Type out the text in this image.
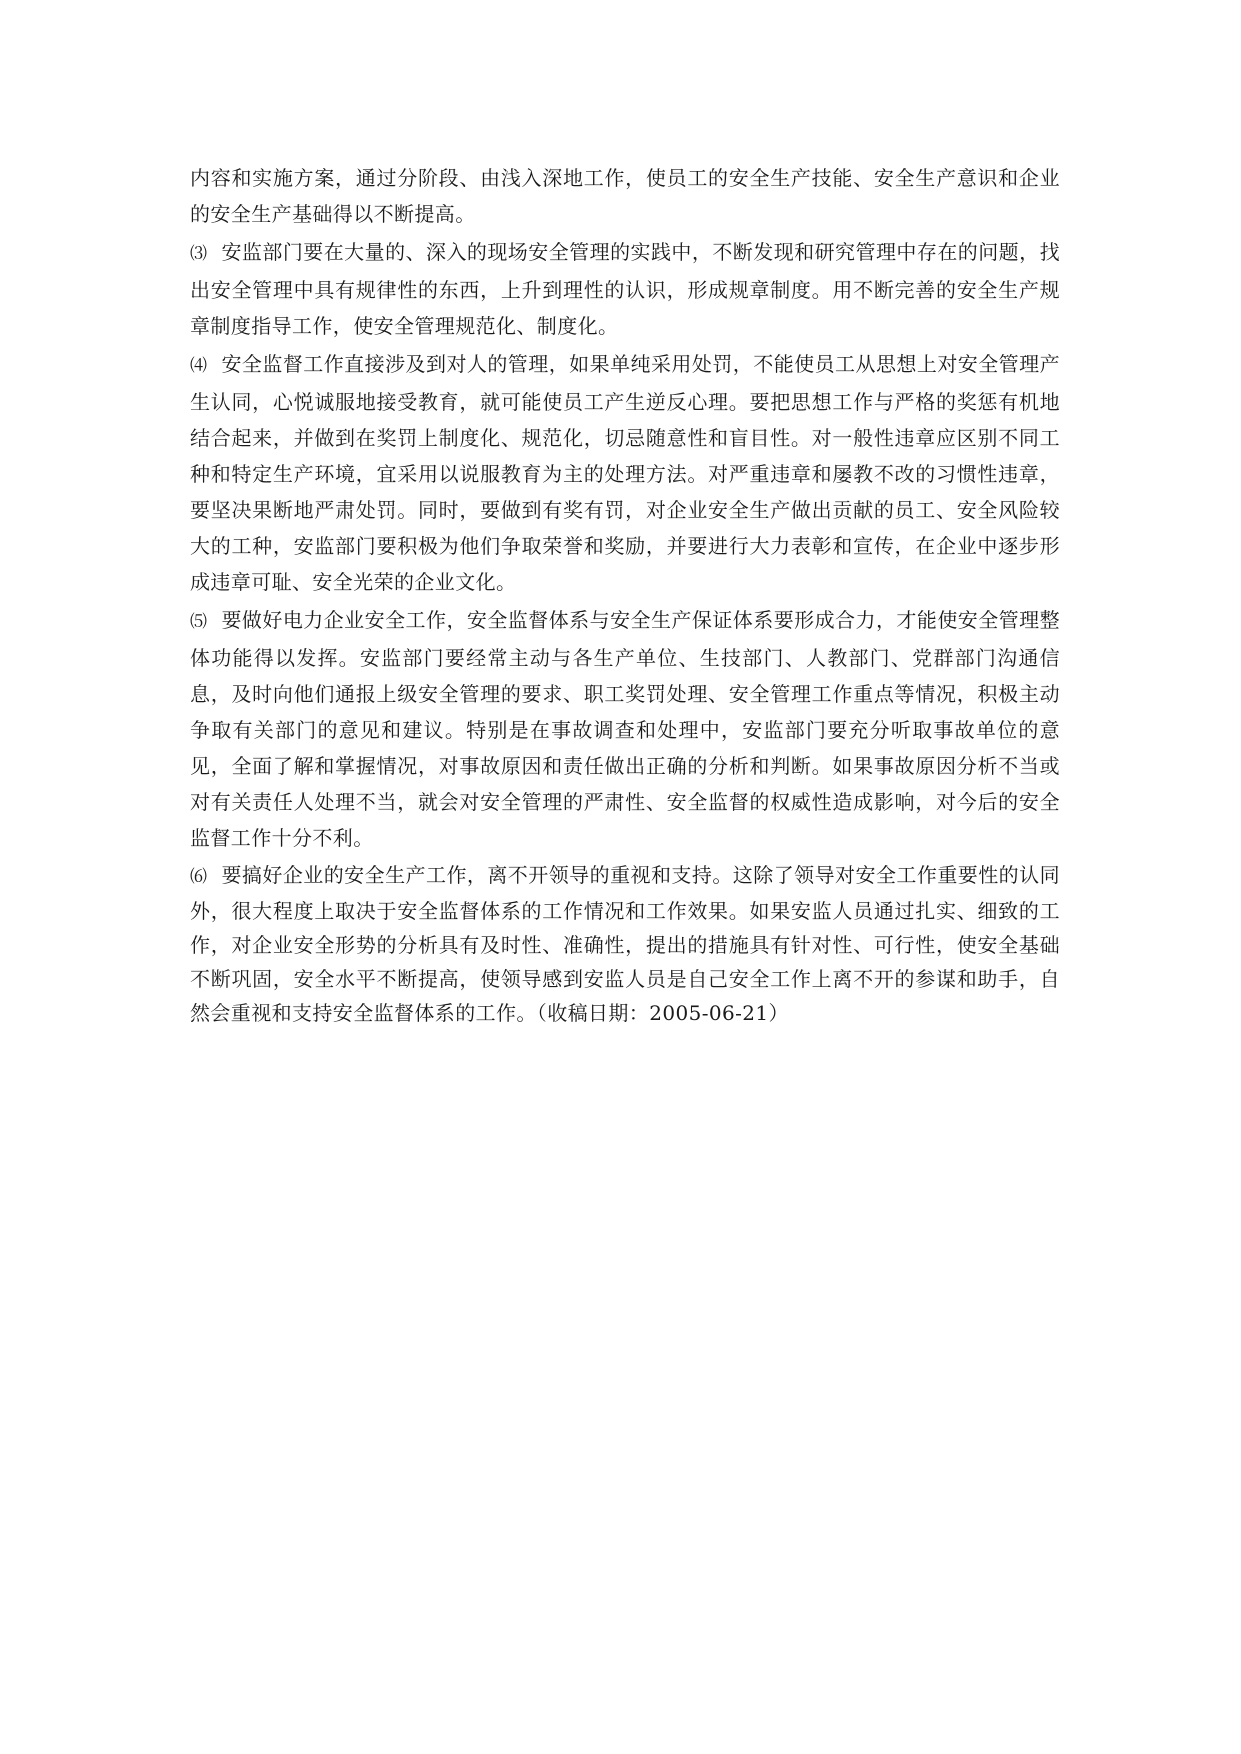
内容和实施方案，通过分阶段、由浅入深地工作，使员工的安全生产技能、安全生产意识和企业的安全生产基础得以不断提高。

⑶ 安监部门要在大量的、深入的现场安全管理的实践中，不断发现和研究管理中存在的问题，找出安全管理中具有规律性的东西，上升到理性的认识，形成规章制度。用不断完善的安全生产规章制度指导工作，使安全管理规范化、制度化。

⑷ 安全监督工作直接涉及到对人的管理，如果单纯采用处罚，不能使员工从思想上对安全管理产生认同，心悦诚服地接受教育，就可能使员工产生逆反心理。要把思想工作与严格的奖惩有机地结合起来，并做到在奖罚上制度化、规范化，切忌随意性和盲目性。对一般性违章应区别不同工种和特定生产环境，宜采用以说服教育为主的处理方法。对严重违章和屡教不改的习惯性违章，要坚决果断地严肃处罚。同时，要做到有奖有罚，对企业安全生产做出贡献的员工、安全风险较大的工种，安监部门要积极为他们争取荣誉和奖励，并要进行大力表彰和宣传，在企业中逐步形成违章可耻、安全光荣的企业文化。

⑸ 要做好电力企业安全工作，安全监督体系与安全生产保证体系要形成合力，才能使安全管理整体功能得以发挥。安监部门要经常主动与各生产单位、生技部门、人教部门、党群部门沟通信息，及时向他们通报上级安全管理的要求、职工奖罚处理、安全管理工作重点等情况，积极主动争取有关部门的意见和建议。特别是在事故调查和处理中，安监部门要充分听取事故单位的意见，全面了解和掌握情况，对事故原因和责任做出正确的分析和判断。如果事故原因分析不当或对有关责任人处理不当，就会对安全管理的严肃性、安全监督的权威性造成影响，对今后的安全监督工作十分不利。

⑹ 要搞好企业的安全生产工作，离不开领导的重视和支持。这除了领导对安全工作重要性的认同外，很大程度上取决于安全监督体系的工作情况和工作效果。如果安监人员通过扎实、细致的工作，对企业安全形势的分析具有及时性、准确性，提出的措施具有针对性、可行性，使安全基础不断巩固，安全水平不断提高，使领导感到安监人员是自己安全工作上离不开的参谋和助手，自然会重视和支持安全监督体系的工作。（收稿日期：2005-06-21）
